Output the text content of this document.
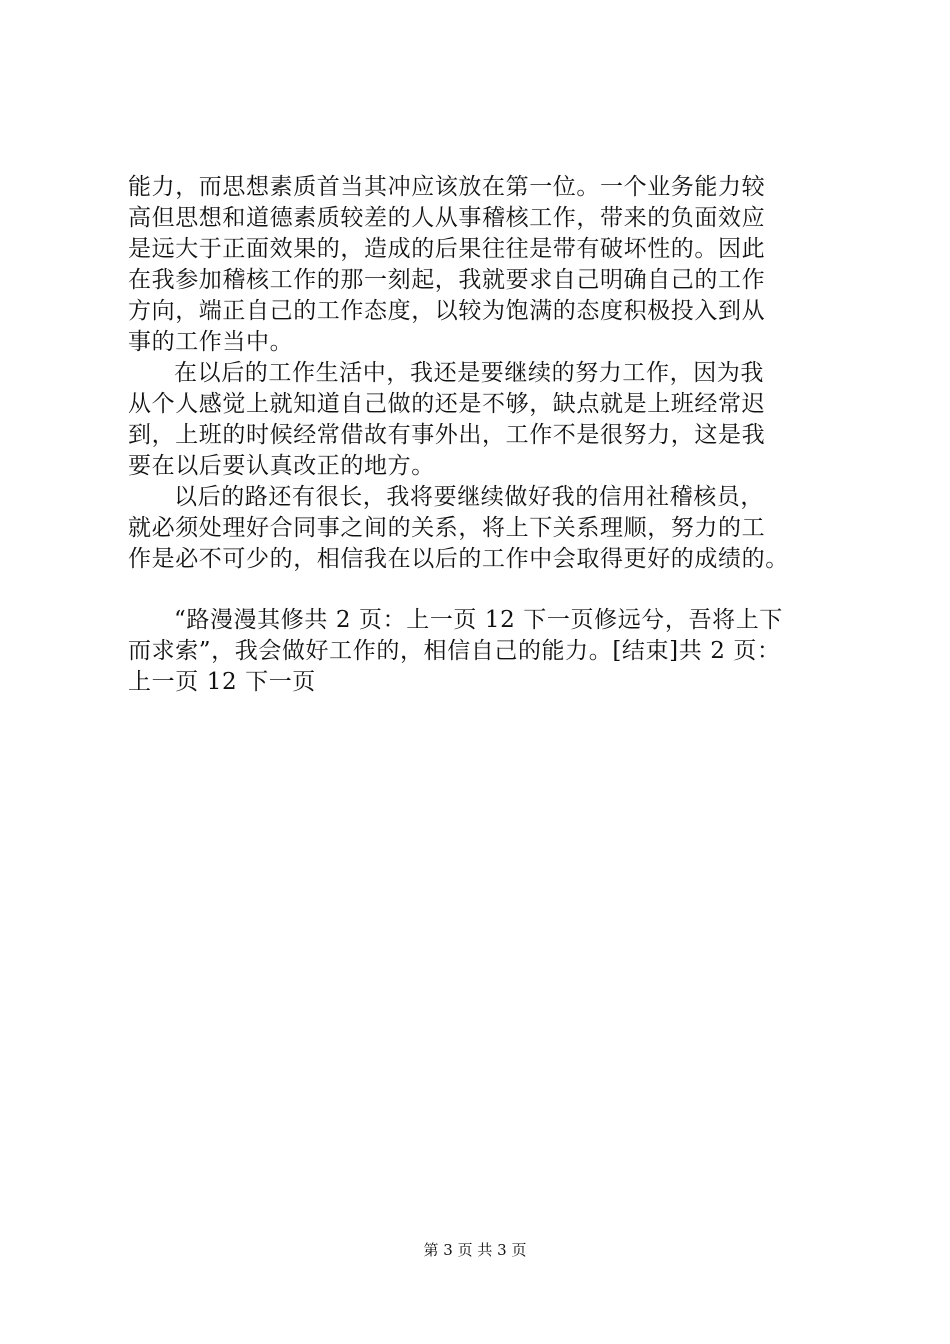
能力，而思想素质首当其冲应该放在第一位。一个业务能力较
高但思想和道德素质较差的人从事稽核工作，带来的负面效应
是远大于正面效果的，造成的后果往往是带有破坏性的。因此
在我参加稽核工作的那一刻起，我就要求自己明确自己的工作
方向，端正自己的工作态度，以较为饱满的态度积极投入到从
事的工作当中。
在以后的工作生活中，我还是要继续的努力工作，因为我
从个人感觉上就知道自己做的还是不够，缺点就是上班经常迟
到，上班的时候经常借故有事外出，工作不是很努力，这是我
要在以后要认真改正的地方。
以后的路还有很长，我将要继续做好我的信用社稽核员，
就必须处理好合同事之间的关系，将上下关系理顺，努力的工
作是必不可少的，相信我在以后的工作中会取得更好的成绩的。
“路漫漫其修共 2 页：上一页 12 下一页修远兮，吾将上下
而求索”，我会做好工作的，相信自己的能力。[结束]共 2 页：
上一页 12 下一页
第 3 页 共 3 页
